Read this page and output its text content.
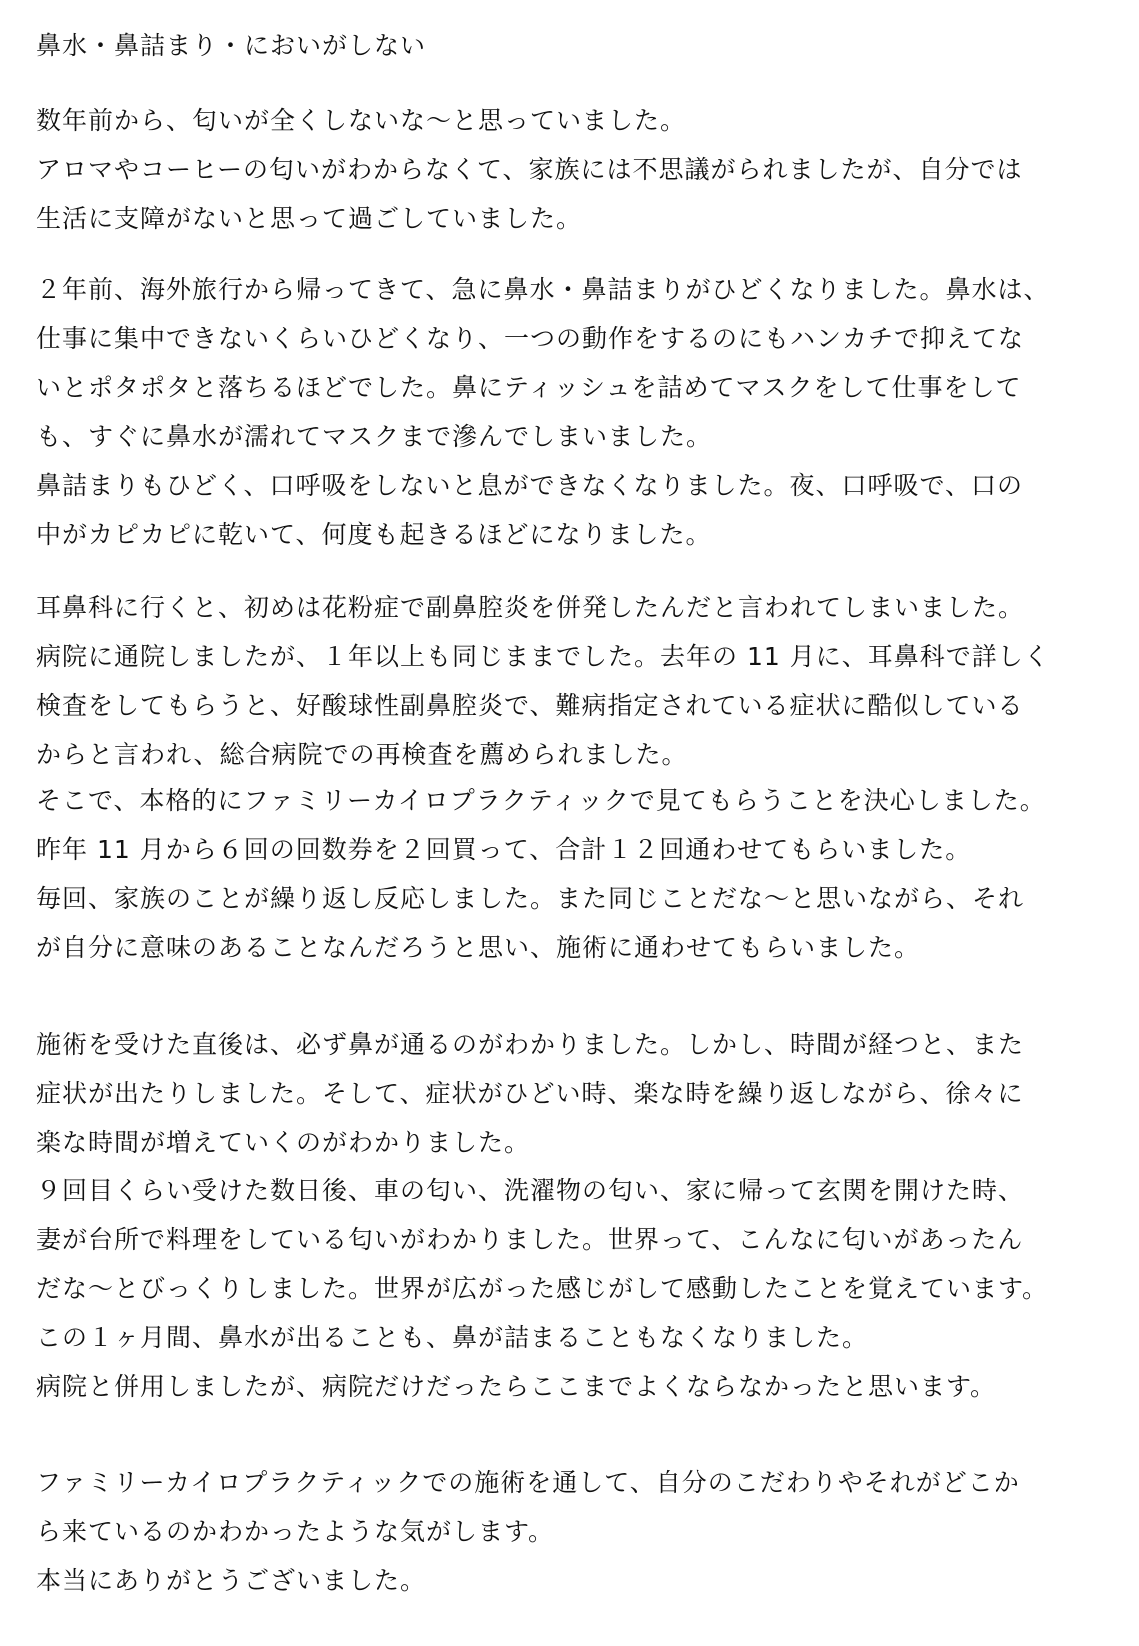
鼻水・鼻詰まり・においがしない
数年前から、匂いが全くしないな〜と思っていました。
アロマやコーヒーの匂いがわからなくて、家族には不思議がられましたが、自分では
生活に支障がないと思って過ごしていました。
２年前、海外旅行から帰ってきて、急に鼻水・鼻詰まりがひどくなりました。鼻水は、
仕事に集中できないくらいひどくなり、一つの動作をするのにもハンカチで抑えてな
いとポタポタと落ちるほどでした。鼻にティッシュを詰めてマスクをして仕事をして
も、すぐに鼻水が濡れてマスクまで滲んでしまいました。
鼻詰まりもひどく、口呼吸をしないと息ができなくなりました。夜、口呼吸で、口の
中がカピカピに乾いて、何度も起きるほどになりました。
耳鼻科に行くと、初めは花粉症で副鼻腔炎を併発したんだと言われてしまいました。
病院に通院しましたが、１年以上も同じままでした。去年の 11 月に、耳鼻科で詳しく
検査をしてもらうと、好酸球性副鼻腔炎で、難病指定されている症状に酷似している
からと言われ、総合病院での再検査を薦められました。
そこで、本格的にファミリーカイロプラクティックで見てもらうことを決心しました。
昨年 11 月から６回の回数券を２回買って、合計１２回通わせてもらいました。
毎回、家族のことが繰り返し反応しました。また同じことだな〜と思いながら、それ
が自分に意味のあることなんだろうと思い、施術に通わせてもらいました。
施術を受けた直後は、必ず鼻が通るのがわかりました。しかし、時間が経つと、また
症状が出たりしました。そして、症状がひどい時、楽な時を繰り返しながら、徐々に
楽な時間が増えていくのがわかりました。
９回目くらい受けた数日後、車の匂い、洗濯物の匂い、家に帰って玄関を開けた時、
妻が台所で料理をしている匂いがわかりました。世界って、こんなに匂いがあったん
だな〜とびっくりしました。世界が広がった感じがして感動したことを覚えています。
この１ヶ月間、鼻水が出ることも、鼻が詰まることもなくなりました。
病院と併用しましたが、病院だけだったらここまでよくならなかったと思います。
ファミリーカイロプラクティックでの施術を通して、自分のこだわりやそれがどこか
ら来ているのかわかったような気がします。
本当にありがとうございました。
